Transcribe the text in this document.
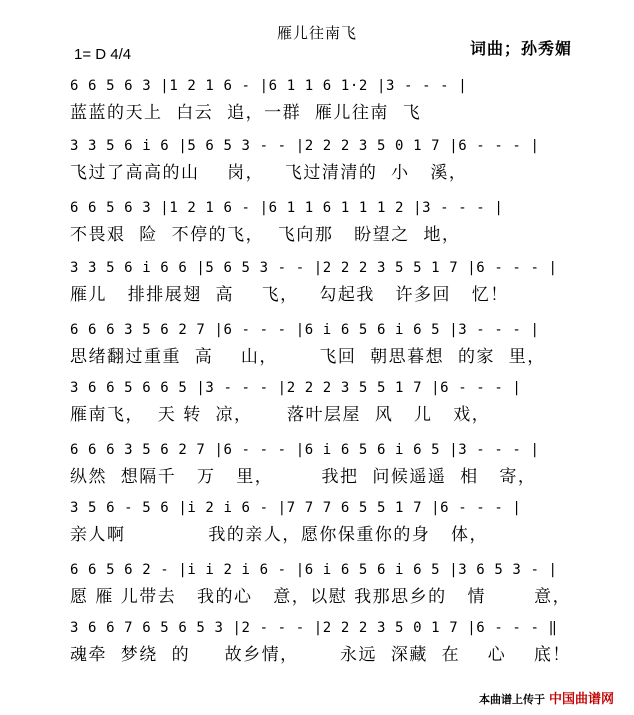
雁儿往南飞
词曲；孙秀媚
1= D 4/4
6 6 5 6 3 |1 2 1 6 - |6 1 1 6 1·2 |3 - - - |
蓝蓝的天上  白云  追，一群  雁儿往南  飞
3 3 5 6 i 6 |5 6 5 3 - - |2 2 2 3 5 0 1 7 |6 - - - |
飞过了高高的山    岗，   飞过清清的  小   溪，
6 6 5 6 3 |1 2 1 6 - |6 1 1 6 1 1 1 2 |3 - - - |
不畏艰  险  不停的飞，  飞向那   盼望之  地，
3 3 5 6 i 6 6 |5 6 5 3 - - |2 2 2 3 5 5 1 7 |6 - - - |
雁儿   排排展翅  高    飞，   勾起我   许多回   忆！
6 6 6 3 5 6 2 7 |6 - - - |6 i 6 5 6 i 6 5 |3 - - - |
思绪翻过重重  高    山，      飞回  朝思暮想  的家  里，
3 6 6 5 6 6 5 |3 - - - |2 2 2 3 5 5 1 7 |6 - - - |
雁南飞，  天 转  凉，     落叶层屋  风   儿   戏，
6 6 6 3 5 6 2 7 |6 - - - |6 i 6 5 6 i 6 5 |3 - - - |
纵然  想隔千   万   里，       我把  问候遥遥  相   寄，
3 5 6 - 5 6 |i 2 i 6 - |7 7 7 6 5 5 1 7 |6 - - - |
亲人啊            我的亲人，愿你保重你的身   体，
6 6 5 6 2 - |i i 2 i 6 - |6 i 6 5 6 i 6 5 |3 6 5 3 - |
愿 雁 儿带去   我的心   意，以慰 我那思乡的   情       意，
3 6 6 7 6 5 6 5 3 |2 - - - |2 2 2 3 5 0 1 7 |6 - - - ‖
魂牵  梦绕  的     故乡情，      永远  深藏  在    心    底！
本曲谱上传于 中国曲谱网
